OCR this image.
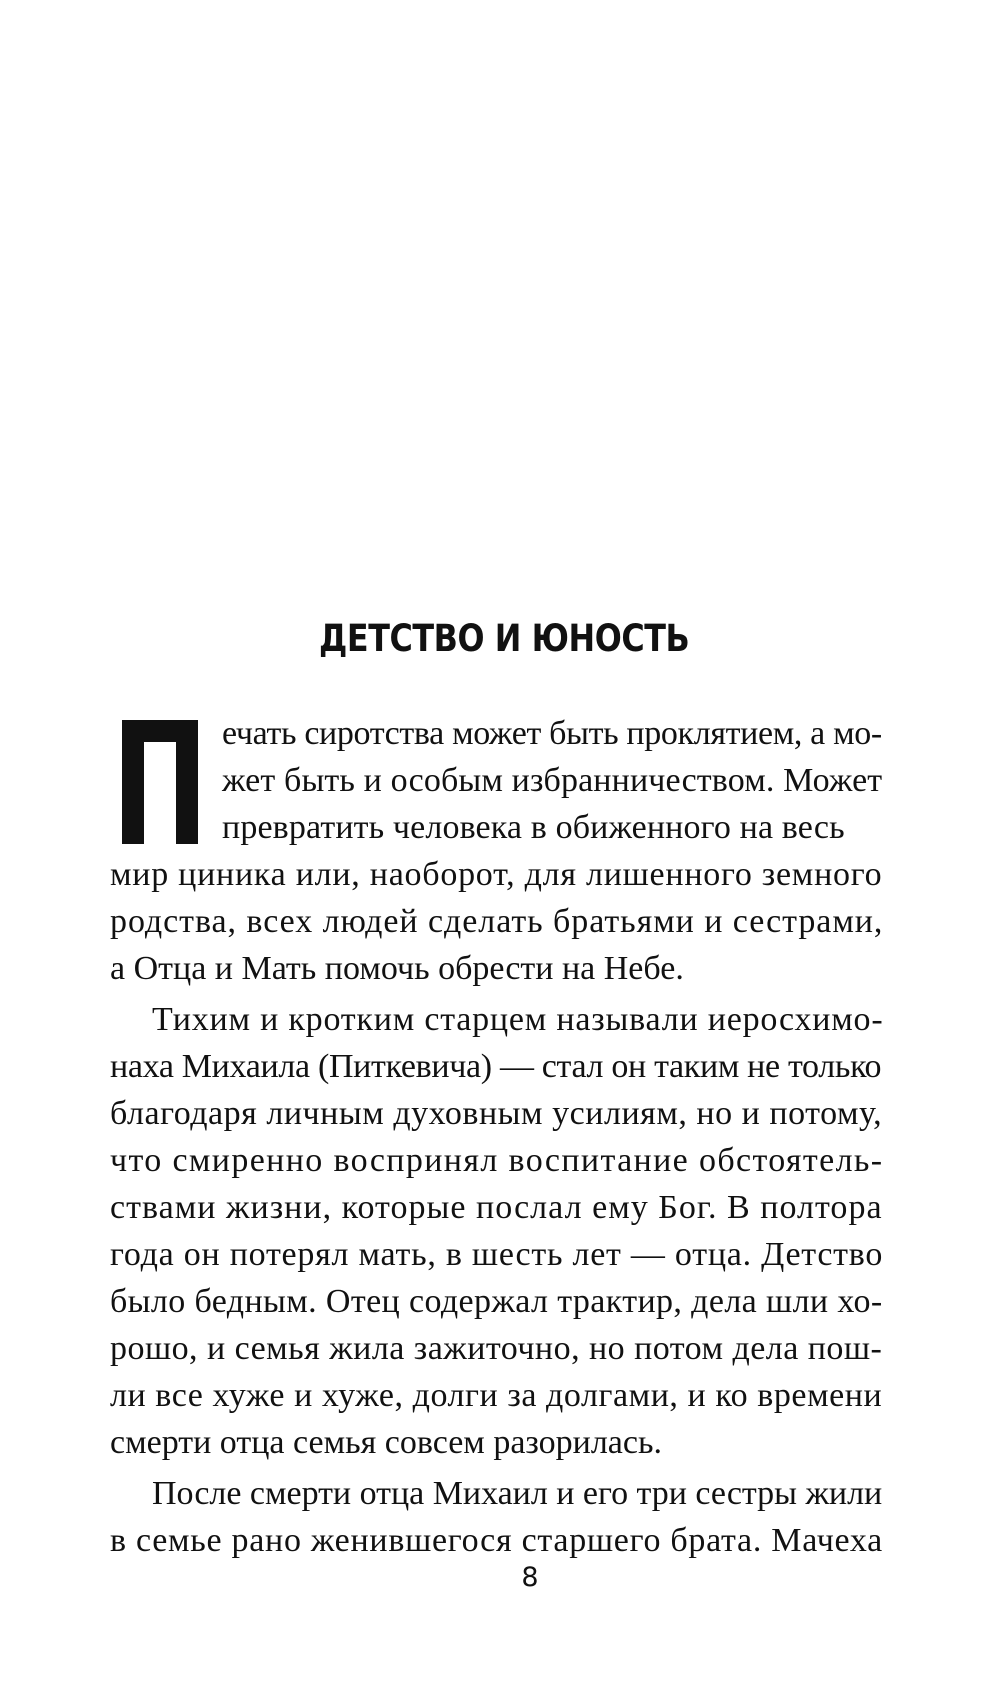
ДЕТСТВО И ЮНОСТЬ

ечать сиротства может быть проклятием, а мо-

жет быть и особым избранничеством. Может

превратить человека в обиженного на весь

мир циника или, наоборот, для лишенного земного

родства, всех людей сделать братьями и сестрами,

а Отца и Мать помочь обрести на Небе.

Тихим и кротким старцем называли иеросхимо-

наха Михаила (Питкевича) — стал он таким не только

благодаря личным духовным усилиям, но и потому,

что смиренно воспринял воспитание обстоятель-

ствами жизни, которые послал ему Бог. В полтора

года он потерял мать, в шесть лет — отца. Детство

было бедным. Отец содержал трактир, дела шли хо-

рошо, и семья жила зажиточно, но потом дела пош-

ли все хуже и хуже, долги за долгами, и ко времени

смерти отца семья совсем разорилась.

После смерти отца Михаил и его три сестры жили

в семье рано женившегося старшего брата. Мачеха

8
